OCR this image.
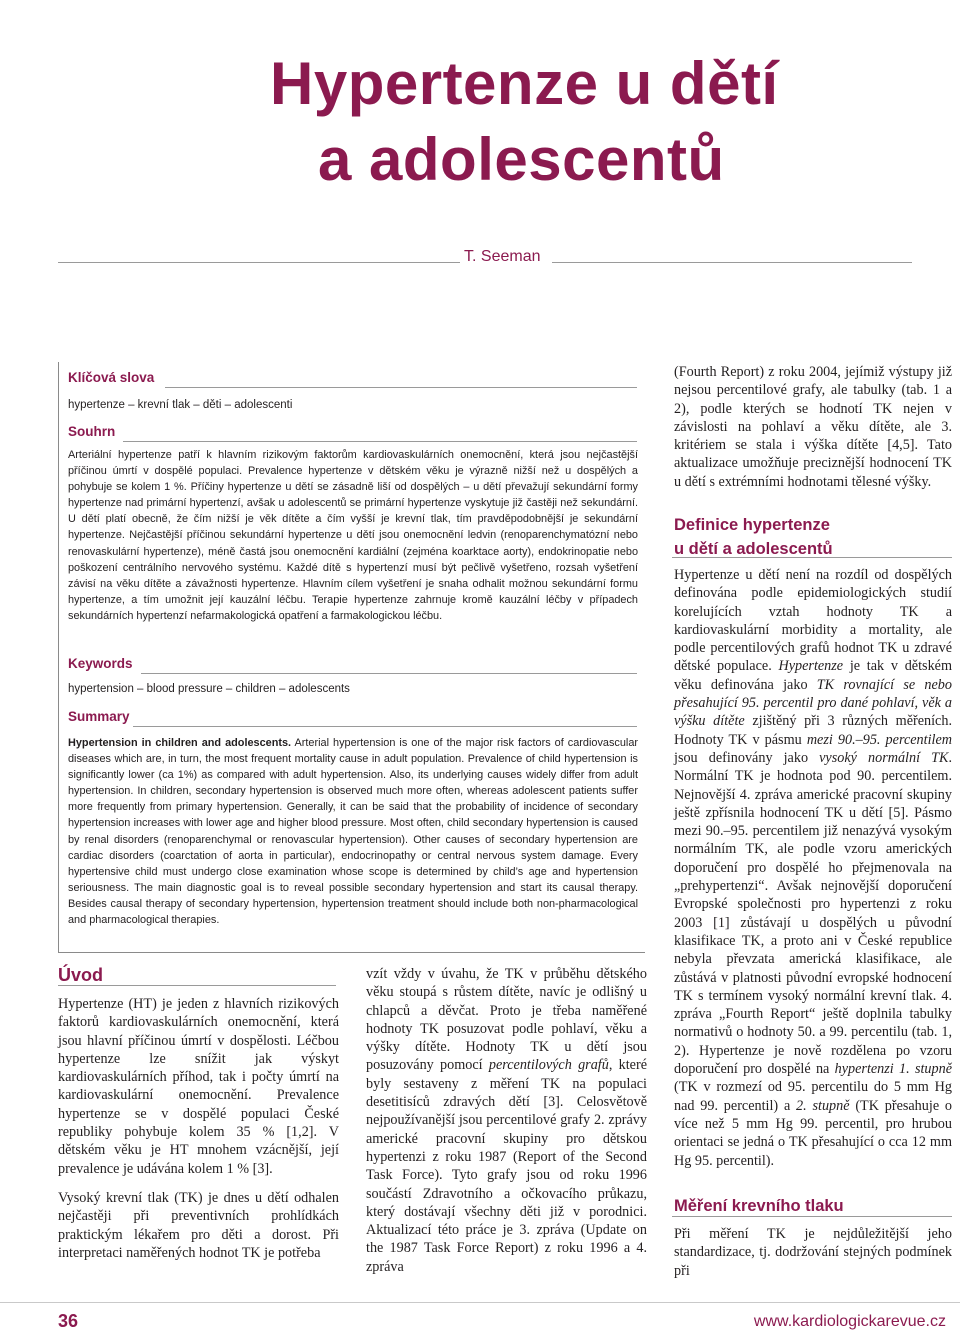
Hypertenze u dětí
a adolescentů
T. Seeman
Klíčová slova
hypertenze – krevní tlak – děti – adolescenti
Souhrn

Arteriální hypertenze patří k hlavním rizikovým faktorům kardiovaskulárních onemocnění, která jsou nejčastější příčinou úmrtí v dospělé populaci. Prevalence hypertenze v dětském věku je výrazně nižší než u dospělých a pohybuje se kolem 1 %. Příčiny hypertenze u dětí se zásadně liší od dospělých – u dětí převažují sekundární formy hypertenze nad primární hypertenzí, avšak u adolescentů se primární hypertenze vyskytuje již častěji než sekundární. U dětí platí obecně, že čím nižší je věk dítěte a čím vyšší je krevní tlak, tím pravděpodobnější je sekundární hypertenze. Nejčastější příčinou sekundární hypertenze u dětí jsou onemocnění ledvin (renoparenchymatózní nebo renovaskulární hypertenze), méně častá jsou onemocnění kardiální (zejména koarktace aorty), endokrinopatie nebo poškození centrálního nervového systému. Každé dítě s hypertenzí musí být pečlivě vyšetřeno, rozsah vyšetření závisí na věku dítěte a závažnosti hypertenze. Hlavním cílem vyšetření je snaha odhalit možnou sekundární formu hypertenze, a tím umožnit její kauzální léčbu. Terapie hypertenze zahrnuje kromě kauzální léčby v případech sekundárních hypertenzí nefarmakologická opatření a farmakologickou léčbu.

Keywords
hypertension – blood pressure – children – adolescents
Summary

Hypertension in children and adolescents. Arterial hypertension is one of the major risk factors of cardiovascular diseases which are, in turn, the most frequent mortality cause in adult population. Prevalence of child hypertension is significantly lower (ca 1%) as compared with adult hypertension. Also, its underlying causes widely differ from adult hypertension. In children, secondary hypertension is observed much more often, whereas adolescent patients suffer more frequently from primary hypertension. Generally, it can be said that the probability of incidence of secondary hypertension increases with lower age and higher blood pressure. Most often, child secondary hypertension is caused by renal disorders (renoparenchymal or renovascular hypertension). Other causes of secondary hypertension are cardiac disorders (coarctation of aorta in particular), endocrinopathy or central nervous system damage. Every hypertensive child must undergo close examination whose scope is determined by child’s age and hypertension seriousness. The main diagnostic goal is to reveal possible secondary hypertension and start its causal therapy. Besides causal therapy of secondary hypertension, hypertension treatment should include both non-pharmacological and pharmacological therapies.

Úvod

Hypertenze (HT) je jeden z hlavních rizikových faktorů kardiovaskulárních onemocnění, která jsou hlavní příčinou úmrtí v dospělosti. Léčbou hypertenze lze snížit jak výskyt kardiovaskulárních příhod, tak i počty úmrtí na kardiovaskulární onemocnění. Prevalence hypertenze se v dospělé populaci České republiky pohybuje kolem 35 % [1,2]. V dětském věku je HT mnohem vzácnější, její prevalence je udávána kolem 1 % [3].

Vysoký krevní tlak (TK) je dnes u dětí odhalen nejčastěji při preventivních prohlídkách praktickým lékařem pro děti a dorost. Při interpretaci naměřených hodnot TK je potřeba

vzít vždy v úvahu, že TK v průběhu dětského věku stoupá s růstem dítěte, navíc je odlišný u chlapců a děvčat. Proto je třeba naměřené hodnoty TK posuzovat podle pohlaví, věku a výšky dítěte. Hodnoty TK u dětí jsou posuzovány pomocí percentilových grafů, které byly sestaveny z měření TK na populaci desetitisíců zdravých dětí [3]. Celosvětově nejpoužívanější jsou percentilové grafy 2. zprávy americké pracovní skupiny pro dětskou hypertenzi z roku 1987 (Report of the Second Task Force). Tyto grafy jsou od roku 1996 součástí Zdravotního a očkovacího průkazu, který dostávají všechny děti již v porodnici. Aktualizací této práce je 3. zpráva (Update on the 1987 Task Force Report) z roku 1996 a 4. zpráva

(Fourth Report) z roku 2004, jejímiž výstupy již nejsou percentilové grafy, ale tabulky (tab. 1 a 2), podle kterých se hodnotí TK nejen v závislosti na pohlaví a věku dítěte, ale 3. kritériem se stala i výška dítěte [4,5]. Tato aktualizace umožňuje preciznější hodnocení TK u dětí s extrémními hodnotami tělesné výšky.

Definice hypertenze
u dětí a adolescentů

Hypertenze u dětí není na rozdíl od dospělých definována podle epidemiologických studií korelujících vztah hodnoty TK a kardiovaskulární morbidity a mortality, ale podle percentilových grafů hodnot TK u zdravé dětské populace. Hypertenze je tak v dětském věku definována jako TK rovnající se nebo přesahující 95. percentil pro dané pohlaví, věk a výšku dítěte zjištěný při 3 různých měřeních. Hodnoty TK v pásmu mezi 90.–95. percentilem jsou definovány jako vysoký normální TK. Normální TK je hodnota pod 90. percentilem. Nejnovější 4. zpráva americké pracovní skupiny ještě zpřísnila hodnocení TK u dětí [5]. Pásmo mezi 90.–95. percentilem již nenazývá vysokým normálním TK, ale podle vzoru amerických doporučení pro dospělé ho přejmenovala na „prehypertenzi“. Avšak nejnovější doporučení Evropské společnosti pro hypertenzi z roku 2003 [1] zůstávají u dospělých u původní klasifikace TK, a proto ani v České republice nebyla převzata americká klasifikace, ale zůstává v platnosti původní evropské hodnocení TK s termínem vysoký normální krevní tlak. 4. zpráva „Fourth Report“ ještě doplnila tabulky normativů o hodnoty 50. a 99. percentilu (tab. 1, 2). Hypertenze je nově rozdělena po vzoru doporučení pro dospělé na hypertenzi 1. stupně (TK v rozmezí od 95. percentilu do 5 mm Hg nad 99. percentil) a 2. stupně (TK přesahuje o více než 5 mm Hg 99. percentil, pro hrubou orientaci se jedná o TK přesahující o cca 12 mm Hg 95. percentil).

Měření krevního tlaku

Při měření TK je nejdůležitější jeho standardizace, tj. dodržování stejných podmínek při

36	www.kardiologickarevue.cz
